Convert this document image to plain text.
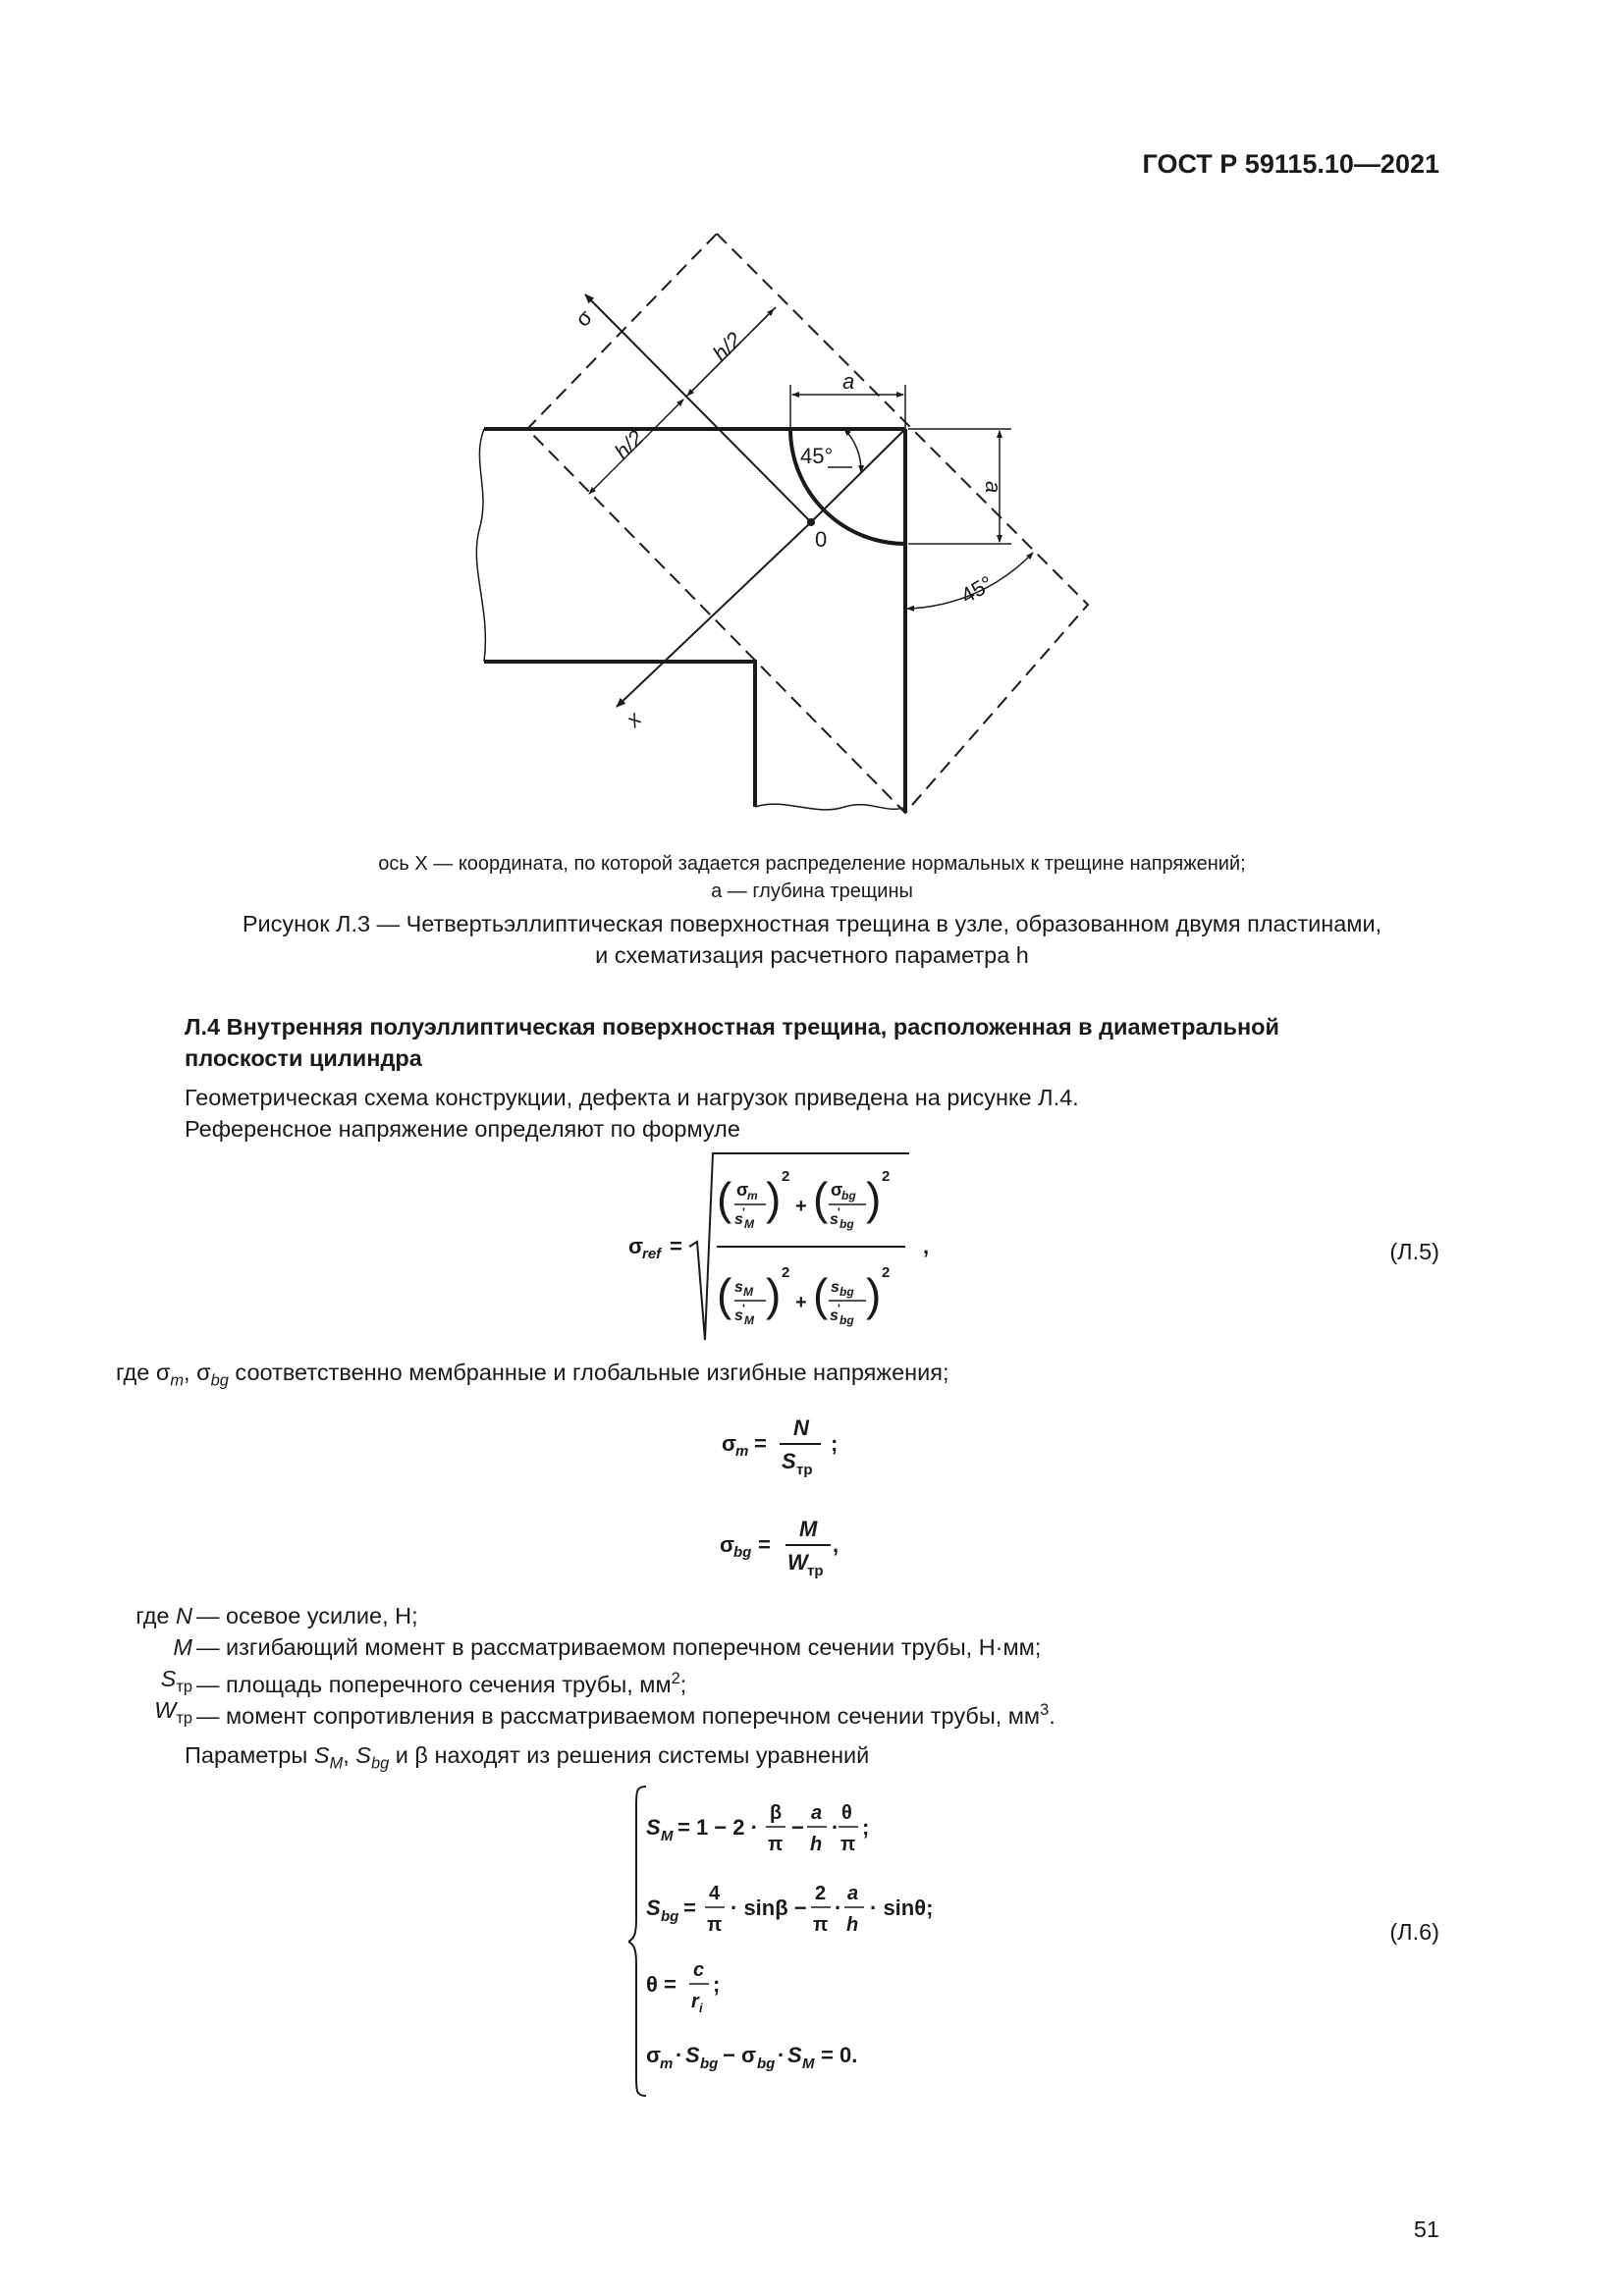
ГОСТ Р 59115.10—2021
σ
x
0
h/2
h/2
a
a
45°
45°
ось X — координата, по которой задается распределение нормальных к трещине напряжений;
a — глубина трещины
Рисунок Л.3 — Четвертьэллиптическая поверхностная трещина в узле, образованном двумя пластинами,
и схематизация расчетного параметра h
Л.4 Внутренняя полуэллиптическая поверхностная трещина, расположенная в диаметральной
плоскости цилиндра
Геометрическая схема конструкции, дефекта и нагрузок приведена на рисунке Л.4.
Референсное напряжение определяют по формуле
σ
ref =
( σ
m
s '
M ) 2
+ ( σ
bg
s '
bg ) 2
( s M
s '
M ) 2
+ ( s bg
s '
bg ) 2
,	(Л.5)
где $\sigma_m$, $\sigma_{bg}$ соответственно мембранные и глобальные изгибные напряжения;
σ
m =
N
S тр
;
σ
bg =
M
W тр
,
где N — осевое усилие, Н;
M — изгибающий момент в рассматриваемом поперечном сечении трубы, Н·мм;
$S_{тр}$ — площадь поперечного сечения трубы, $мм^2$;
$W_{тр}$ — момент сопротивления в рассматриваемом поперечном сечении трубы, $мм^3$.
Параметры $S_M$, $S_{bg}$ и β находят из решения системы уравнений
S M = 1 − 2 ·
β
π
−
a
h
·
θ
π
;
S bg =
4
π
· sinβ −
2
π
·
a
h
· sinθ;
θ =
c
r i
;
σ
m · S bg − σ bg · S M = 0.
(Л.6)
51
